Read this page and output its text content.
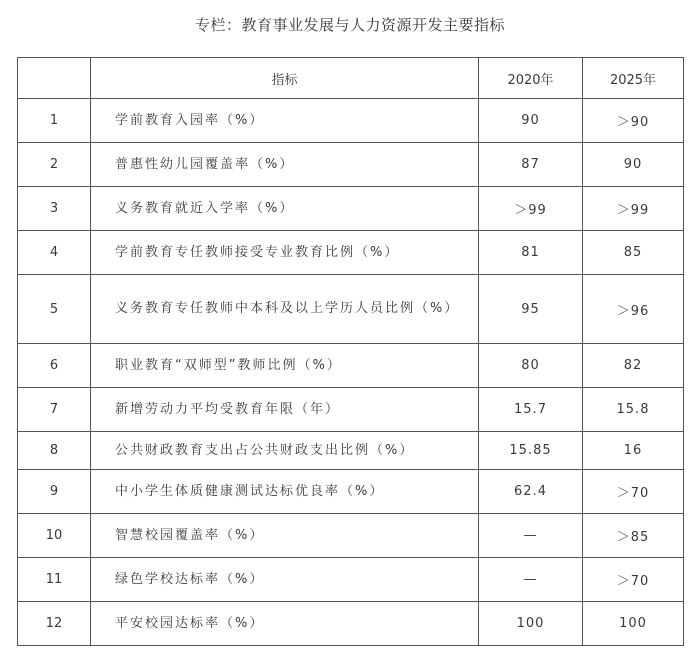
专栏：教育事业发展与人力资源开发主要指标
	指标	2020年	2025年
1	学前教育入园率（%）	90	＞90
2	普惠性幼儿园覆盖率（%）	87	90
3	义务教育就近入学率（%）	＞99	＞99
4	学前教育专任教师接受专业教育比例（%）	81	85
5	义务教育专任教师中本科及以上学历人员比例（%）	95	＞96
6	职业教育“双师型”教师比例（%）	80	82
7	新增劳动力平均受教育年限（年）	15.7	15.8
8	公共财政教育支出占公共财政支出比例（%）	15.85	16
9	中小学生体质健康测试达标优良率（%）	62.4	＞70
10	智慧校园覆盖率（%）	—	＞85
11	绿色学校达标率（%）	—	＞70
12	平安校园达标率（%）	100	100
